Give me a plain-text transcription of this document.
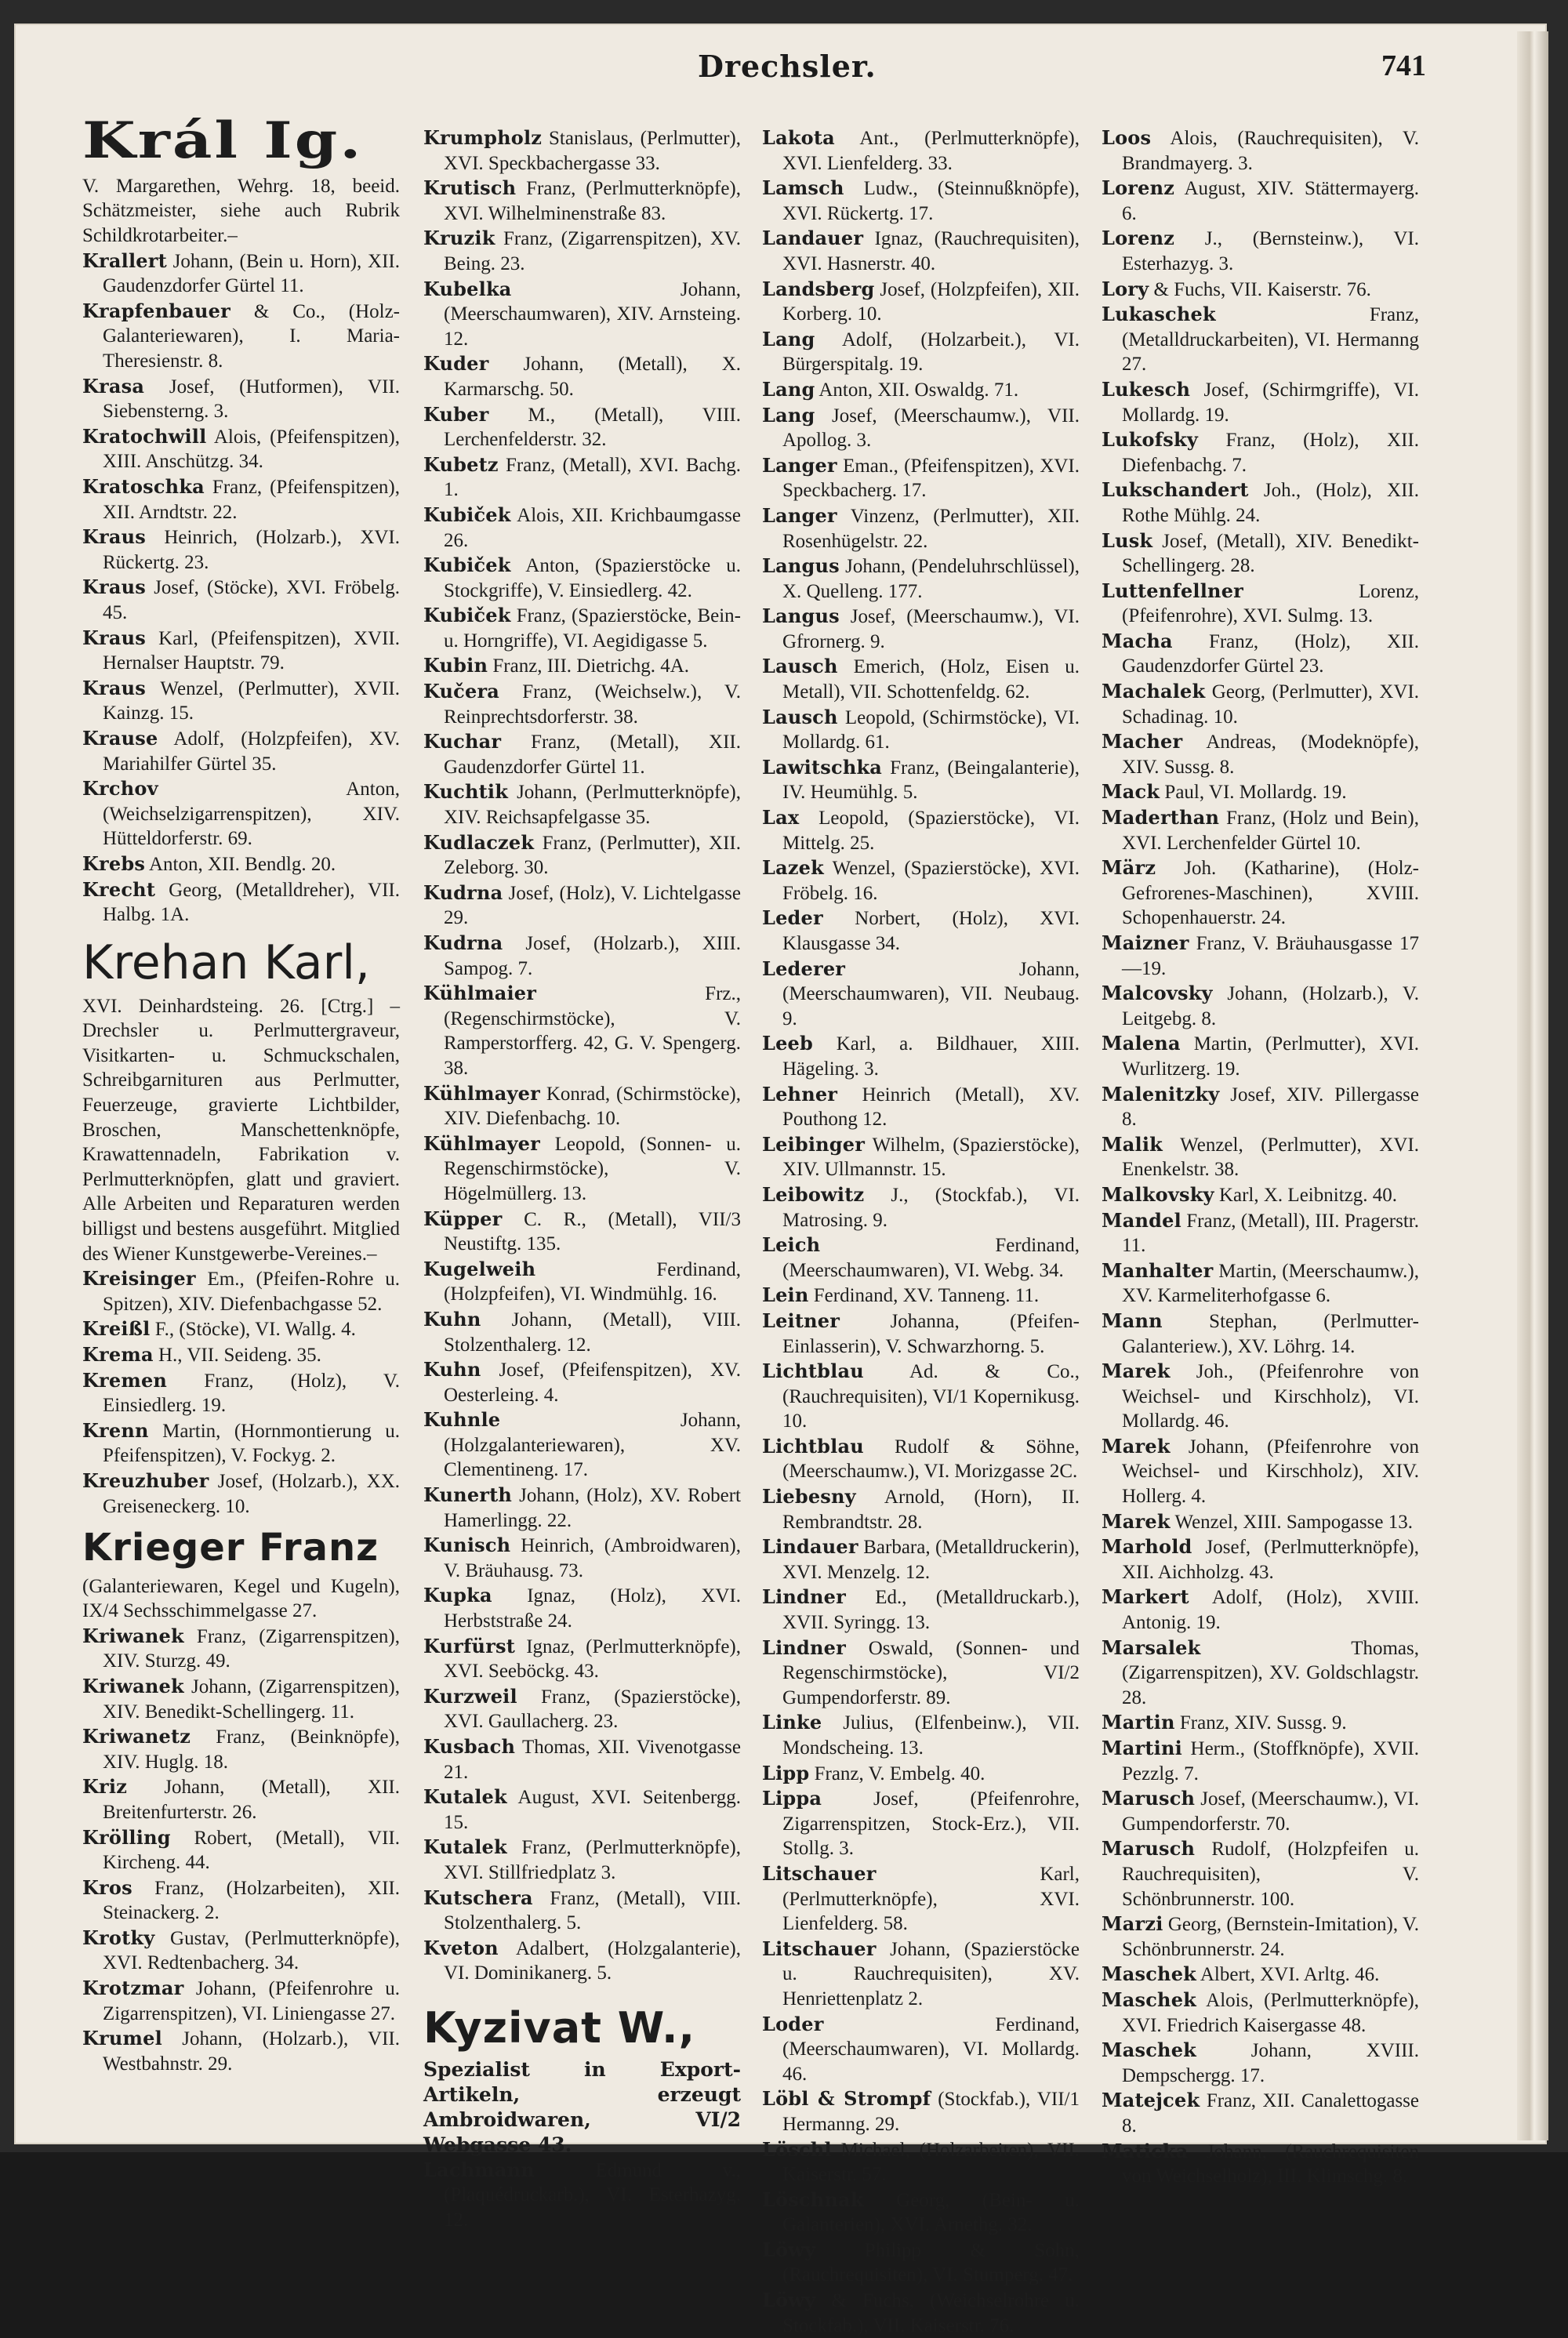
Drechsler.	741
Král Ig.

V. Margarethen, Wehrg. 18, beeid. Schätzmeister, siehe auch Rubrik Schildkrotarbeiter.–

Krallert Johann, (Bein u. Horn), XII. Gaudenzdorfer Gürtel 11.

Krapfenbauer & Co., (Holz-Galanteriewaren), I. Maria-Theresienstr. 8.

Krasa Josef, (Hutformen), VII. Siebensterng. 3.

Kratochwill Alois, (Pfeifenspitzen), XIII. Anschützg. 34.

Kratoschka Franz, (Pfeifenspitzen), XII. Arndtstr. 22.

Kraus Heinrich, (Holzarb.), XVI. Rückertg. 23.

Kraus Josef, (Stöcke), XVI. Fröbelg. 45.

Kraus Karl, (Pfeifenspitzen), XVII. Hernalser Hauptstr. 79.

Kraus Wenzel, (Perlmutter), XVII. Kainzg. 15.

Krause Adolf, (Holzpfeifen), XV. Mariahilfer Gürtel 35.

Krchov	Anton, (Weichselzigarrenspitzen), XIV. Hütteldorferstr. 69.

Krebs Anton, XII. Bendlg. 20.

Krecht Georg, (Metalldreher), VII. Halbg. 1A.

Krehan Karl,

XVI. Deinhardsteing. 26. [Ctrg.] –Drechsler u. Perlmuttergraveur, Visitkarten- u. Schmuckschalen, Schreibgarnituren aus Perlmutter, Feuerzeuge, gravierte Lichtbilder, Broschen, Manschettenknöpfe, Krawattennadeln, Fabrikation v. Perlmutterknöpfen, glatt und graviert. Alle Arbeiten und Reparaturen werden billigst und bestens ausgeführt. Mitglied des Wiener Kunstgewerbe-Vereines.–

Kreisinger Em., (Pfeifen-Rohre u. Spitzen), XIV. Diefenbachgasse 52.

Kreißl F., (Stöcke), VI. Wallg. 4.

Krema H., VII. Seideng. 35.

Kremen Franz, (Holz), V. Einsiedlerg. 19.

Krenn Martin, (Hornmontierung u. Pfeifenspitzen), V. Fockyg. 2.

Kreuzhuber Josef, (Holzarb.), XX. Greiseneckerg. 10.

Krieger Franz

(Galanteriewaren, Kegel und Kugeln), IX/4 Sechsschimmelgasse 27.

Kriwanek Franz, (Zigarrenspitzen), XIV. Sturzg. 49.

Kriwanek Johann, (Zigarrenspitzen), XIV. Benedikt-Schellingerg. 11.

Kriwanetz Franz, (Beinknöpfe), XIV. Huglg. 18.

Kriz Johann, (Metall), XII. Breitenfurterstr. 26.

Krölling Robert, (Metall), VII. Kircheng. 44.

Kros Franz, (Holzarbeiten), XII. Steinackerg. 2.

Krotky Gustav, (Perlmutterknöpfe), XVI. Redtenbacherg. 34.

Krotzmar Johann, (Pfeifenrohre u. Zigarrenspitzen), VI. Liniengasse 27.

Krumel Johann, (Holzarb.), VII. Westbahnstr. 29.

Krumpholz Stanislaus, (Perlmutter), XVI. Speckbachergasse 33.

Krutisch Franz, (Perlmutterknöpfe), XVI. Wilhelminenstraße 83.

Kruzik Franz, (Zigarrenspitzen), XV. Being. 23.

Kubelka	Johann, (Meerschaumwaren), XIV. Arnsteing. 12.

Kuder Johann, (Metall), X. Karmarschg. 50.

Kuber M., (Metall), VIII. Lerchenfelderstr. 32.

Kubetz Franz, (Metall), XVI. Bachg. 1.

Kubiček Alois, XII. Krichbaumgasse 26.

Kubiček Anton, (Spazierstöcke u. Stockgriffe), V. Einsiedlerg. 42.

Kubiček Franz, (Spazierstöcke, Bein- u. Horngriffe), VI. Aegidigasse 5.

Kubin Franz, III. Dietrichg. 4A.

Kučera Franz, (Weichselw.), V. Reinprechtsdorferstr. 38.

Kuchar Franz, (Metall), XII. Gaudenzdorfer Gürtel 11.

Kuchtik Johann, (Perlmutterknöpfe), XIV. Reichsapfelgasse 35.

Kudlaczek Franz, (Perlmutter), XII. Zeleborg. 30.

Kudrna Josef, (Holz), V. Lichtelgasse 29.

Kudrna Josef, (Holzarb.), XIII. Sampog. 7.

Kühlmaier	Frz., (Regenschirmstöcke), V. Ramperstorfferg. 42, G. V. Spengerg. 38.

Kühlmayer Konrad, (Schirmstöcke), XIV. Diefenbachg. 10.

Kühlmayer Leopold, (Sonnen- u. Regenschirmstöcke), V. Högelmüllerg. 13.

Küpper C. R., (Metall), VII/3 Neustiftg. 135.

Kugelweih	Ferdinand, (Holzpfeifen), VI. Windmühlg. 16.

Kuhn Johann, (Metall), VIII. Stolzenthalerg. 12.

Kuhn Josef, (Pfeifenspitzen), XV. Oesterleing. 4.

Kuhnle	Johann, (Holzgalanteriewaren), XV. Clementineng. 17.

Kunerth Johann, (Holz), XV. Robert Hamerlingg. 22.

Kunisch Heinrich, (Ambroidwaren), V. Bräuhausg. 73.

Kupka Ignaz, (Holz), XVI. Herbststraße 24.

Kurfürst Ignaz, (Perlmutterknöpfe), XVI. Seeböckg. 43.

Kurzweil Franz, (Spazierstöcke), XVI. Gaullacherg. 23.

Kusbach Thomas, XII. Vivenotgasse 21.

Kutalek August, XVI. Seitenbergg. 15.

Kutalek Franz, (Perlmutterknöpfe), XVI. Stillfriedplatz 3.

Kutschera Franz, (Metall), VIII. Stolzenthalerg. 5.

Kveton Adalbert, (Holzgalanterie), VI. Dominikanerg. 5.

Kyzivat W.,

Spezialist in Export-Artikeln, erzeugt Ambroidwaren, VI/2 Webgasse 43.

Lachmann	Edmund v., (Plaquédruckarb.), VI. Esterhazyg. 12.

Lakota Ant., (Perlmutterknöpfe), XVI. Lienfelderg. 33.

Lamsch Ludw., (Steinnußknöpfe), XVI. Rückertg. 17.

Landauer Ignaz, (Rauchrequisiten), XVI. Hasnerstr. 40.

Landsberg Josef, (Holzpfeifen), XII. Korberg. 10.

Lang Adolf, (Holzarbeit.), VI. Bürgerspitalg. 19.

Lang Anton, XII. Oswaldg. 71.

Lang Josef, (Meerschaumw.), VII. Apollog. 3.

Langer Eman., (Pfeifenspitzen), XVI. Speckbacherg. 17.

Langer Vinzenz, (Perlmutter), XII. Rosenhügelstr. 22.

Langus Johann, (Pendeluhrschlüssel), X. Quelleng. 177.

Langus Josef, (Meerschaumw.), VI. Gfrornerg. 9.

Lausch Emerich, (Holz, Eisen u. Metall), VII. Schottenfeldg. 62.

Lausch Leopold, (Schirmstöcke), VI. Mollardg. 61.

Lawitschka Franz, (Beingalanterie), IV. Heumühlg. 5.

Lax Leopold, (Spazierstöcke), VI. Mittelg. 25.

Lazek Wenzel, (Spazierstöcke), XVI. Fröbelg. 16.

Leder Norbert, (Holz), XVI. Klausgasse 34.

Lederer	Johann, (Meerschaumwaren), VII. Neubaug. 9.

Leeb Karl, a. Bildhauer, XIII. Hägeling. 3.

Lehner Heinrich (Metall), XV. Pouthong 12.

Leibinger Wilhelm, (Spazierstöcke), XIV. Ullmannstr. 15.

Leibowitz J., (Stockfab.), VI. Matrosing. 9.

Leich	Ferdinand, (Meerschaumwaren), VI. Webg. 34.

Lein Ferdinand, XV. Tanneng. 11.

Leitner	Johanna, (Pfeifen-Einlasserin), V. Schwarzhorng. 5.

Lichtblau Ad. & Co., (Rauchrequisiten), VI/1 Kopernikusg. 10.

Lichtblau Rudolf & Söhne, (Meerschaumw.), VI. Morizgasse 2C.

Liebesny Arnold, (Horn), II. Rembrandtstr. 28.

Lindauer Barbara, (Metalldruckerin), XVI. Menzelg. 12.

Lindner Ed., (Metalldruckarb.), XVII. Syringg. 13.

Lindner Oswald, (Sonnen- und Regenschirmstöcke), VI/2 Gumpendorferstr. 89.

Linke Julius, (Elfenbeinw.), VII. Mondscheing. 13.

Lipp Franz, V. Embelg. 40.

Lippa	Josef, (Pfeifenrohre, Zigarrenspitzen, Stock-Erz.), VII. Stollg. 3.

Litschauer	Karl, (Perlmutterknöpfe), XVI. Lienfelderg. 58.

Litschauer Johann, (Spazierstöcke u. Rauchrequisiten), XV. Henriettenplatz 2.

Loder	Ferdinand, (Meerschaumwaren), VI. Mollardg. 46.

Löbl & Strompf (Stockfab.), VII/1 Hermanng. 29.

Löschl Michael, (Holzarbeiten), VII. Kaiserstr. 57.

Löschnak Georg, (Bein- u. Galanterien), XVI. Arnethg. 32.

Löwy Philipp & Sohn, (Rauchrequisiten), VI. Stumperg. 47.

Löwy & Fuchs, (Weichselrohre u. Stockfab.), VII. Kaiserstr. 76.

Loos Alois, (Rauchrequisiten), V. Brandmayerg. 3.

Lorenz August, XIV. Stättermayerg. 6.

Lorenz J., (Bernsteinw.), VI. Esterhazyg. 3.

Lory & Fuchs, VII. Kaiserstr. 76.

Lukaschek	Franz, (Metalldruckarbeiten), VI. Hermanng 27.

Lukesch Josef, (Schirmgriffe), VI. Mollardg. 19.

Lukofsky Franz, (Holz), XII. Diefenbachg. 7.

Lukschandert Joh., (Holz), XII. Rothe Mühlg. 24.

Lusk Josef, (Metall), XIV. Benedikt-Schellingerg. 28.

Luttenfellner	Lorenz, (Pfeifenrohre), XVI. Sulmg. 13.

Macha Franz, (Holz), XII. Gaudenzdorfer Gürtel 23.

Machalek Georg, (Perlmutter), XVI. Schadinag. 10.

Macher Andreas, (Modeknöpfe), XIV. Sussg. 8.

Mack Paul, VI. Mollardg. 19.

Maderthan Franz, (Holz und Bein), XVI. Lerchenfelder Gürtel 10.

März Joh. (Katharine), (Holz-Gefrorenes-Maschinen), XVIII. Schopenhauerstr. 24.

Maizner Franz, V. Bräuhausgasse 17—19.

Malcovsky Johann, (Holzarb.), V. Leitgebg. 8.

Malena Martin, (Perlmutter), XVI. Wurlitzerg. 19.

Malenitzky Josef, XIV. Pillergasse 8.

Malik Wenzel, (Perlmutter), XVI. Enenkelstr. 38.

Malkovsky Karl, X. Leibnitzg. 40.

Mandel Franz, (Metall), III. Pragerstr. 11.

Manhalter Martin, (Meerschaumw.), XV. Karmeliterhofgasse 6.

Mann Stephan, (Perlmutter-Galanteriew.), XV. Löhrg. 14.

Marek Joh., (Pfeifenrohre von Weichsel- und Kirschholz), VI. Mollardg. 46.

Marek Johann, (Pfeifenrohre von Weichsel- und Kirschholz), XIV. Hollerg. 4.

Marek Wenzel, XIII. Sampogasse 13.

Marhold Josef, (Perlmutterknöpfe), XII. Aichholzg. 43.

Markert Adolf, (Holz), XVIII. Antonig. 19.

Marsalek	Thomas, (Zigarrenspitzen), XV. Goldschlagstr. 28.

Martin Franz, XIV. Sussg. 9.

Martini Herm., (Stoffknöpfe), XVII. Pezzlg. 7.

Marusch Josef, (Meerschaumw.), VI. Gumpendorferstr. 70.

Marusch Rudolf, (Holzpfeifen u. Rauchrequisiten), V. Schönbrunnerstr. 100.

Marzi Georg, (Bernstein-Imitation), V. Schönbrunnerstr. 24.

Maschek Albert, XVI. Arltg. 46.

Maschek Alois, (Perlmutterknöpfe), XVI. Friedrich Kaisergasse 48.

Maschek	Johann, XVIII. Dempschergg. 17.

Matejcek Franz, XII. Canalettogasse 8.

Maticka Johann, (Rauchrequisiten von Weichselholz), III. Klimschg. 8.
